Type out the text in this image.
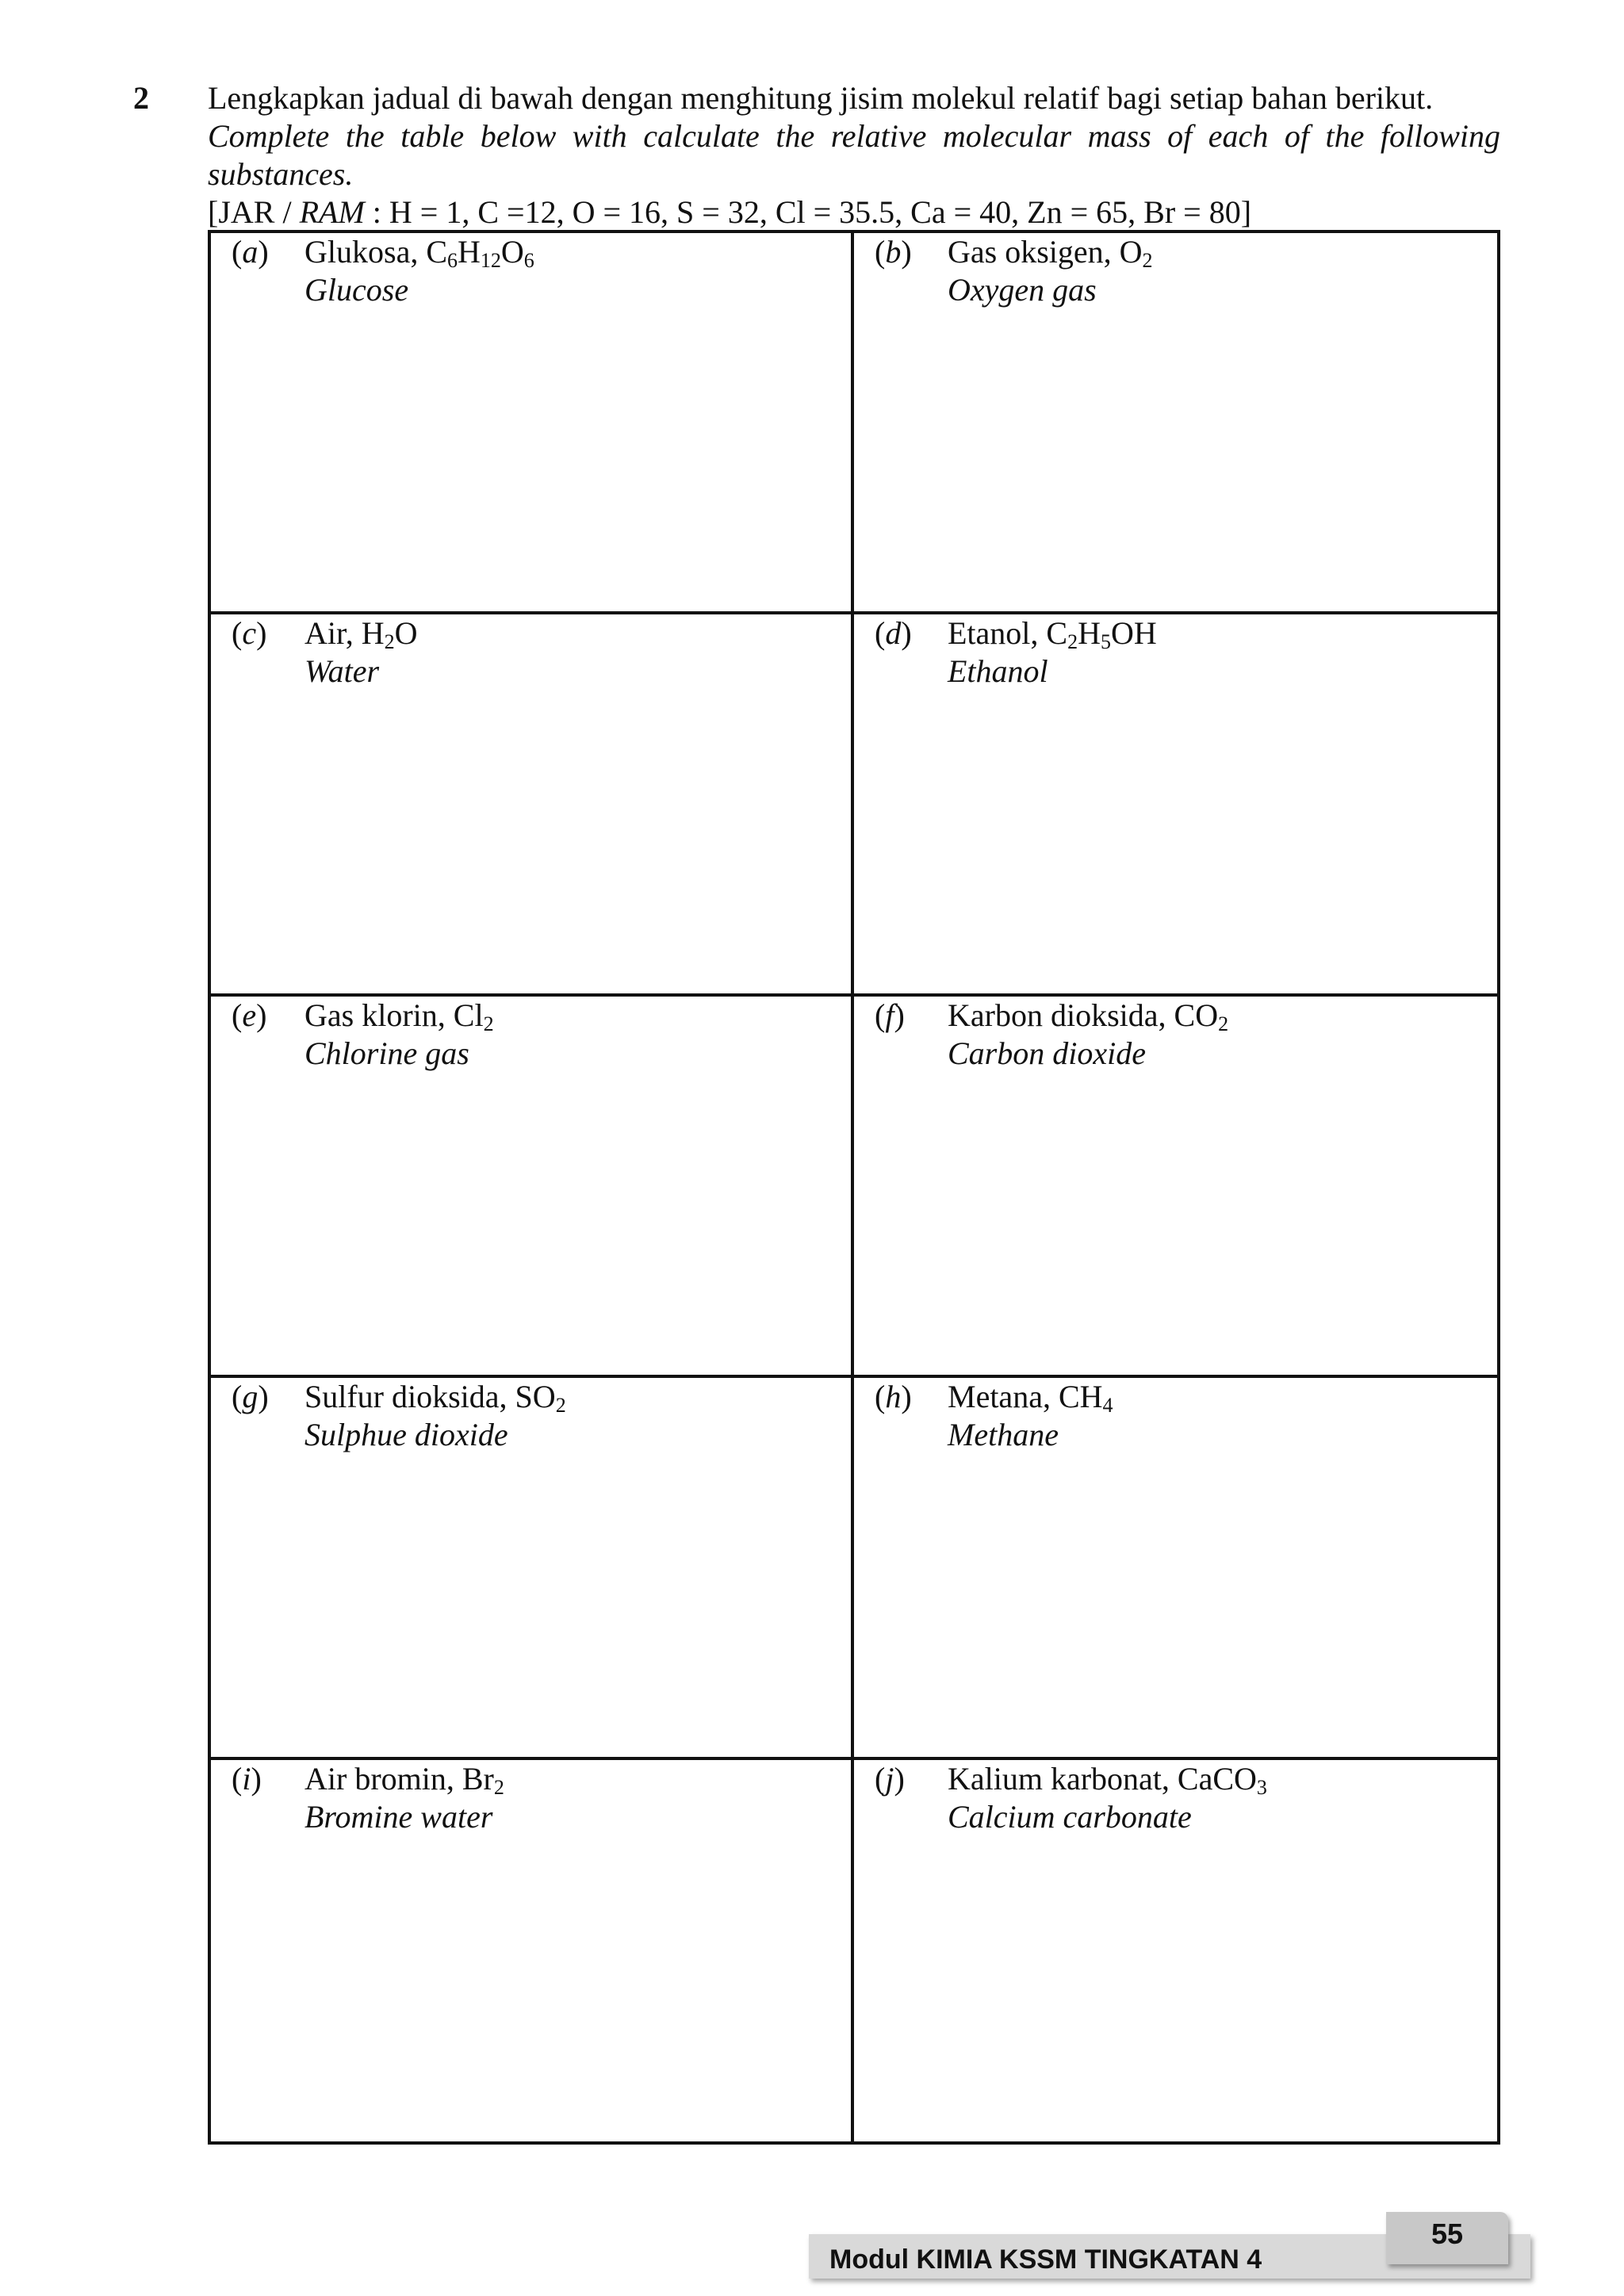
2 Lengkapkan jadual di bawah dengan menghitung jisim molekul relatif bagi setiap bahan berikut.
Complete the table below with calculate the relative molecular mass of each of the following substances.
[JAR / RAM : H = 1, C =12, O = 16, S = 32, Cl = 35.5, Ca = 40, Zn = 65, Br = 80]
(a) Glukosa, $C_6H_{12}O_6$
Glucose
(b) Gas oksigen, $O_2$
Oxygen gas
(c) Air, $H_2O$
Water
(d) Etanol, $C_2H_5OH$
Ethanol
(e) Gas klorin, $Cl_2$
Chlorine gas
(f) Karbon dioksida, $CO_2$
Carbon dioxide
(g) Sulfur dioksida, $SO_2$
Sulphue dioxide
(h) Metana, $CH_4$
Methane
(i) Air bromin, $Br_2$
Bromine water
(j) Kalium karbonat, CaCO$_3$
Calcium carbonate
Modul KIMIA KSSM TINGKATAN 4
55
